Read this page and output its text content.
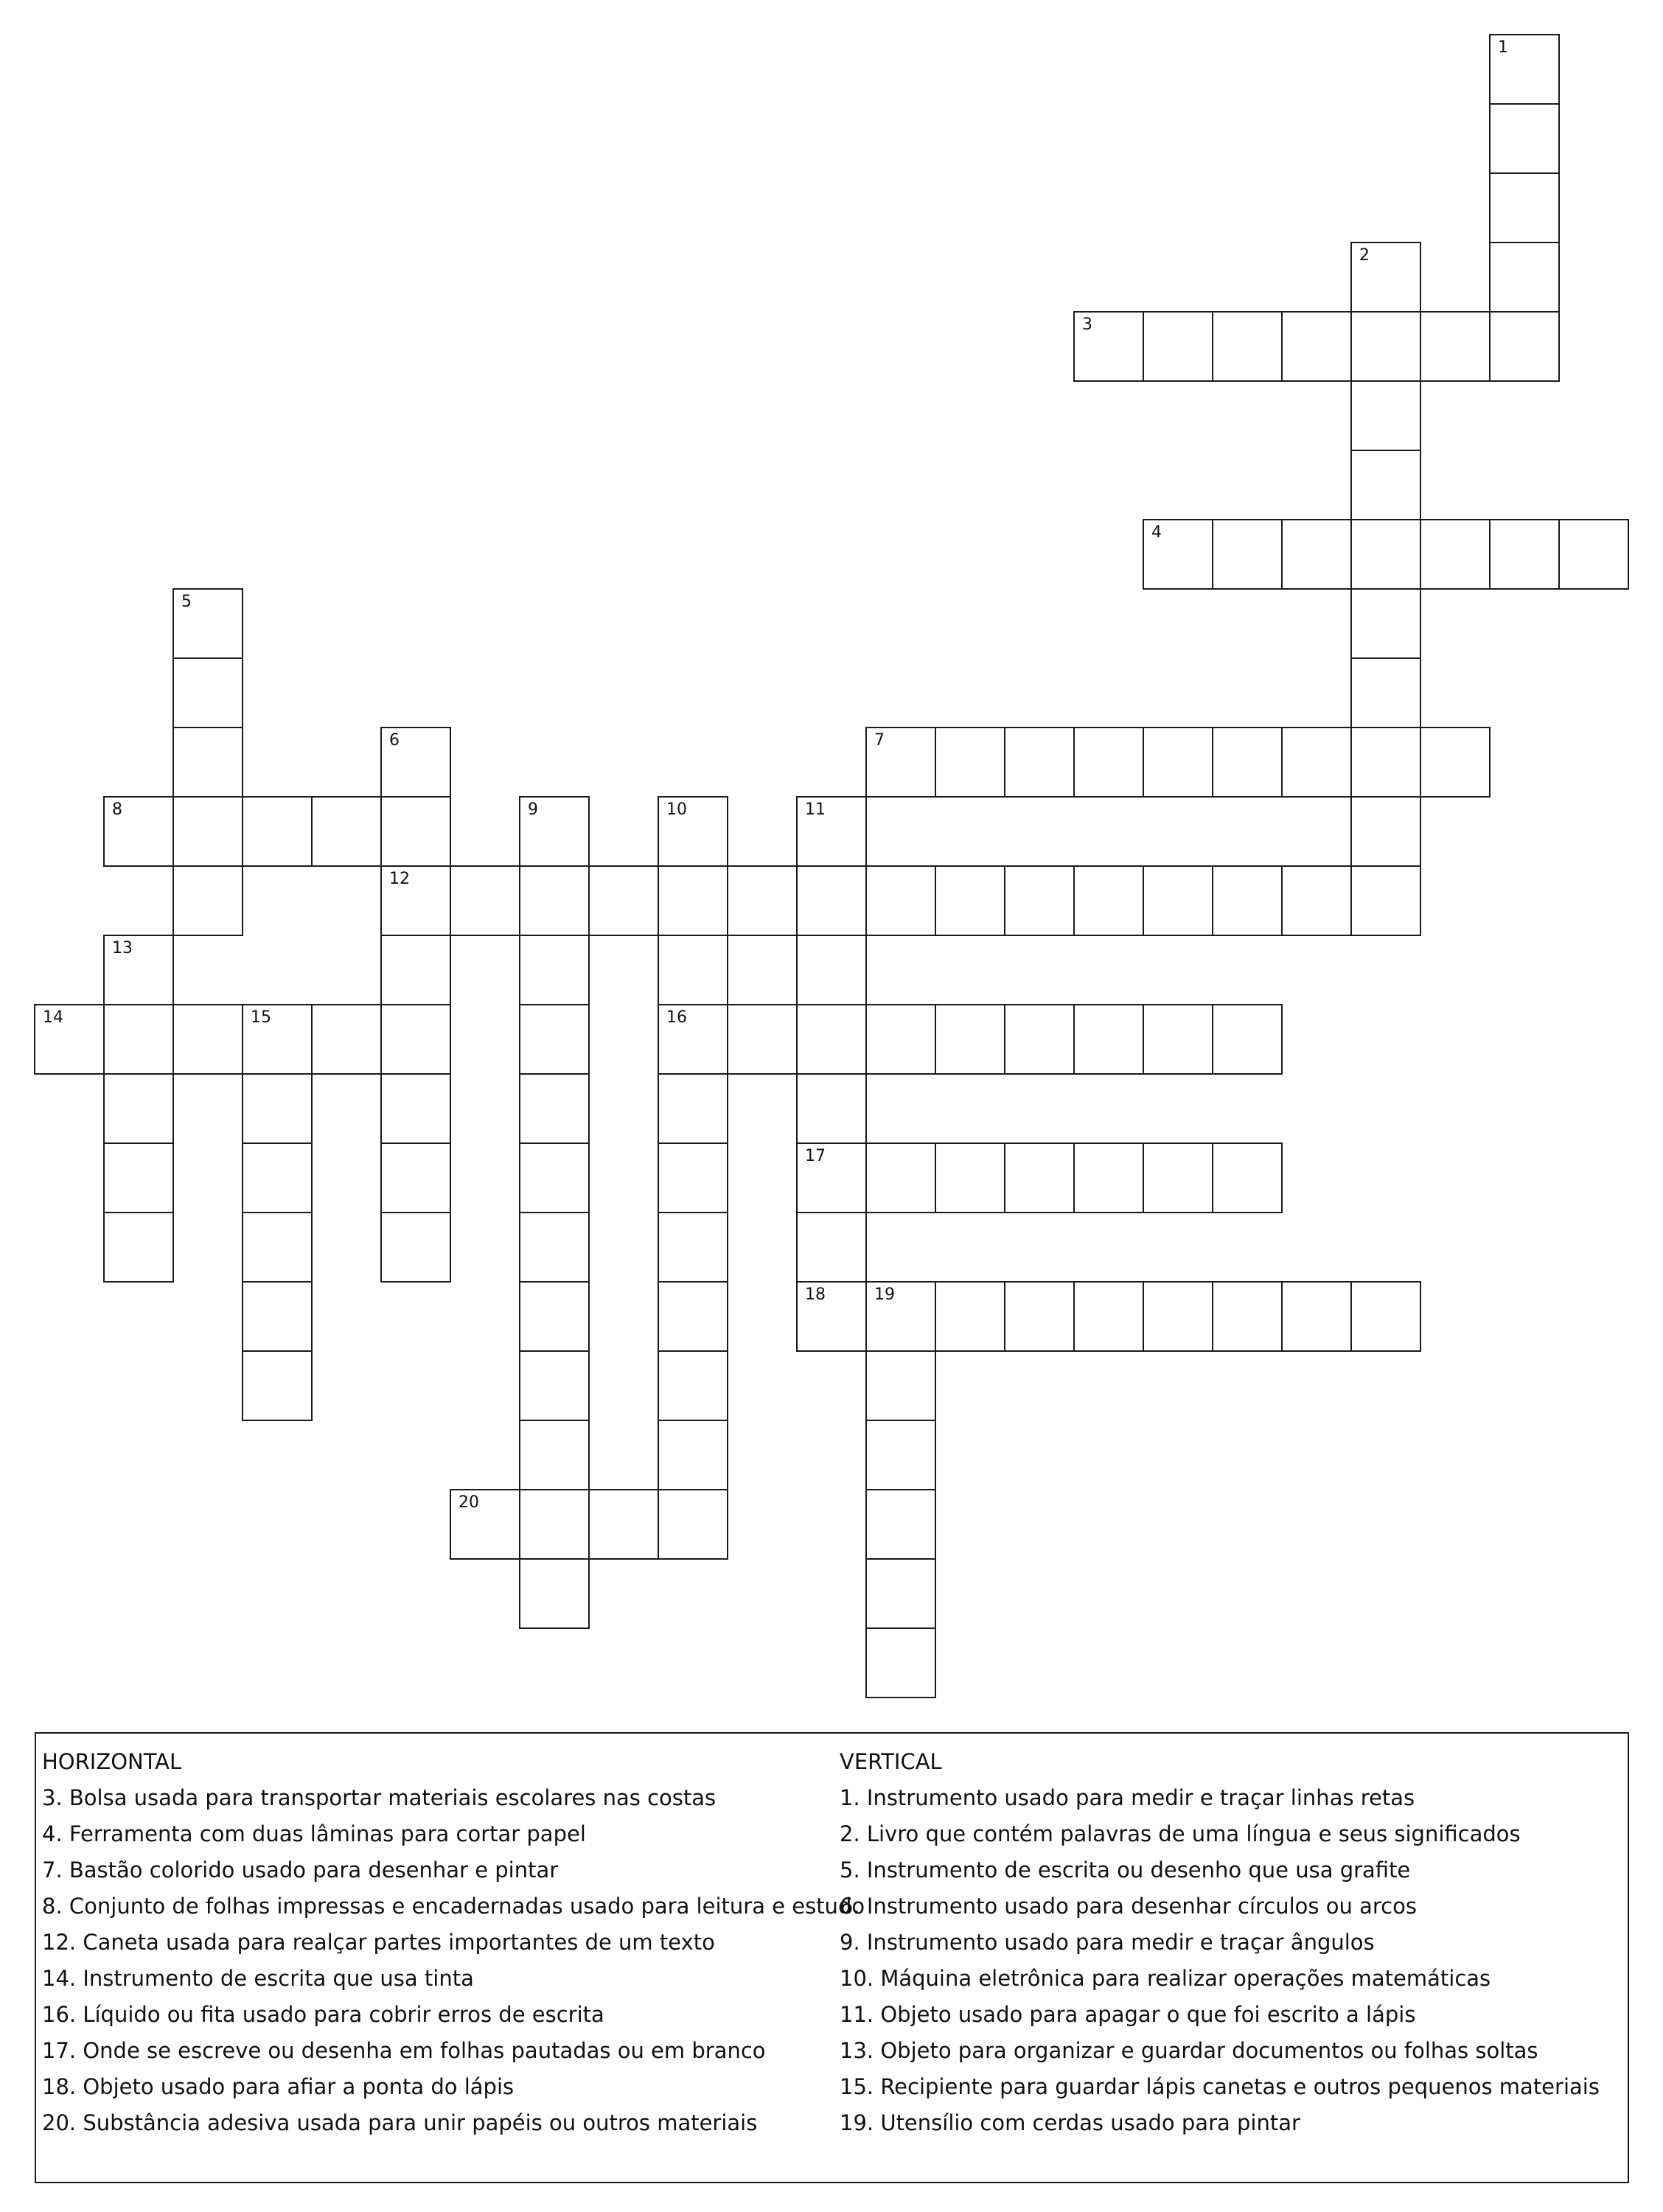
1
2
3
4
5
6
12
7
8	9	10
16
11
17
18
13
14	15
19
20
HORIZONTAL
3. Bolsa usada para transportar materiais escolares nas costas
4. Ferramenta com duas lâminas para cortar papel
7. Bastão colorido usado para desenhar e pintar
8. Conjunto de folhas impressas e encadernadas usado para leitura e estudo
12. Caneta usada para realçar partes importantes de um texto
14. Instrumento de escrita que usa tinta
16. Líquido ou fita usado para cobrir erros de escrita
17. Onde se escreve ou desenha em folhas pautadas ou em branco
18. Objeto usado para afiar a ponta do lápis
20. Substância adesiva usada para unir papéis ou outros materiais
VERTICAL
1. Instrumento usado para medir e traçar linhas retas
2. Livro que contém palavras de uma língua e seus significados
5. Instrumento de escrita ou desenho que usa grafite
6. Instrumento usado para desenhar círculos ou arcos
9. Instrumento usado para medir e traçar ângulos
10. Máquina eletrônica para realizar operações matemáticas
11. Objeto usado para apagar o que foi escrito a lápis
13. Objeto para organizar e guardar documentos ou folhas soltas
15. Recipiente para guardar lápis canetas e outros pequenos materiais
19. Utensílio com cerdas usado para pintar
